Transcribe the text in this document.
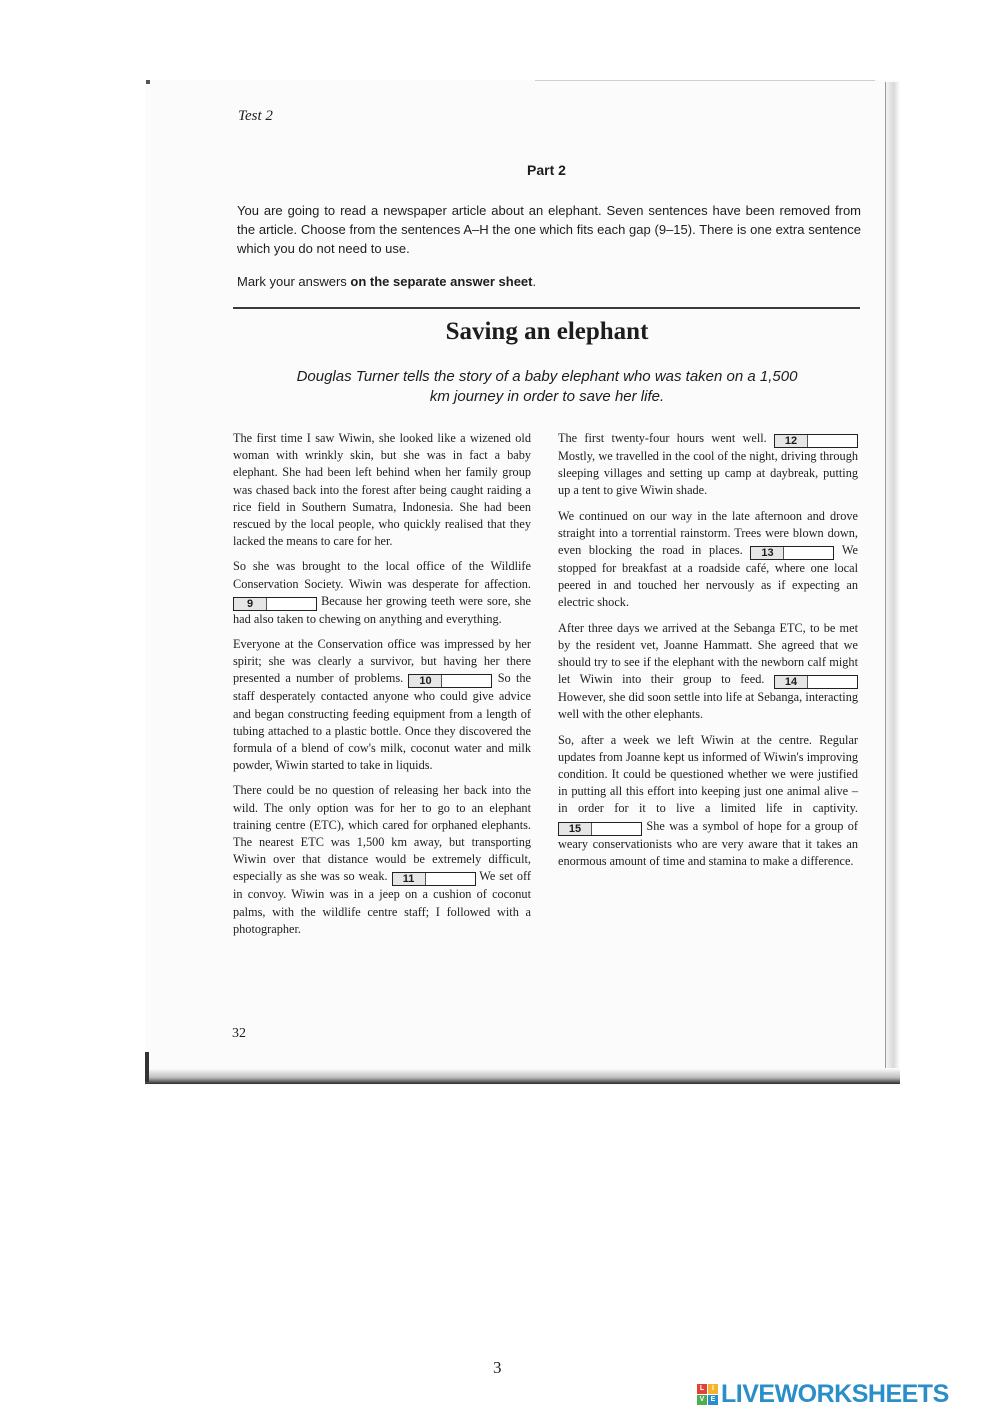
Test 2
Part 2

You are going to read a newspaper article about an elephant. Seven sentences have been removed from the article. Choose from the sentences A–H the one which fits each gap (9–15). There is one extra sentence which you do not need to use.

Mark your answers on the separate answer sheet.

Saving an elephant

Douglas Turner tells the story of a baby elephant who was taken on a 1,500 km journey in order to save her life.

The first time I saw Wiwin, she looked like a wizened old woman with wrinkly skin, but she was in fact a baby elephant. She had been left behind when her family group was chased back into the forest after being caught raiding a rice field in Southern Sumatra, Indonesia. She had been rescued by the local people, who quickly realised that they lacked the means to care for her.

So she was brought to the local office of the Wildlife Conservation Society. Wiwin was desperate for affection. 9	Because her growing teeth were sore, she had also taken to chewing on anything and everything.

Everyone at the Conservation office was impressed by her spirit; she was clearly a survivor, but having her there presented a number of problems. 10	So the staff desperately contacted anyone who could give advice and began constructing feeding equipment from a length of tubing attached to a plastic bottle. Once they discovered the formula of a blend of cow's milk, coconut water and milk powder, Wiwin started to take in liquids.

There could be no question of releasing her back into the wild. The only option was for her to go to an elephant training centre (ETC), which cared for orphaned elephants. The nearest ETC was 1,500 km away, but transporting Wiwin over that distance would be extremely difficult, especially as she was so weak. 11	We set off in convoy. Wiwin was in a jeep on a cushion of coconut palms, with the wildlife centre staff; I followed with a photographer.

The first twenty-four hours went well. 12 Mostly, we travelled in the cool of the night, driving through sleeping villages and setting up camp at daybreak, putting up a tent to give Wiwin shade.

We continued on our way in the late afternoon and drove straight into a torrential rainstorm. Trees were blown down, even blocking the road in places. 13	We stopped for breakfast at a roadside café, where one local peered in and touched her nervously as if expecting an electric shock.

After three days we arrived at the Sebanga ETC, to be met by the resident vet, Joanne Hammatt. She agreed that we should try to see if the elephant with the newborn calf might let Wiwin into their group to feed. 14 However, she did soon settle into life at Sebanga, interacting well with the other elephants.

So, after a week we left Wiwin at the centre. Regular updates from Joanne kept us informed of Wiwin's improving condition. It could be questioned whether we were justified in putting all this effort into keeping just one animal alive – in order for it to live a limited life in captivity. 15	She was a symbol of hope for a group of weary conservationists who are very aware that it takes an enormous amount of time and stamina to make a difference.

32
3
L	I
V E LIVEWORKSHEETS
